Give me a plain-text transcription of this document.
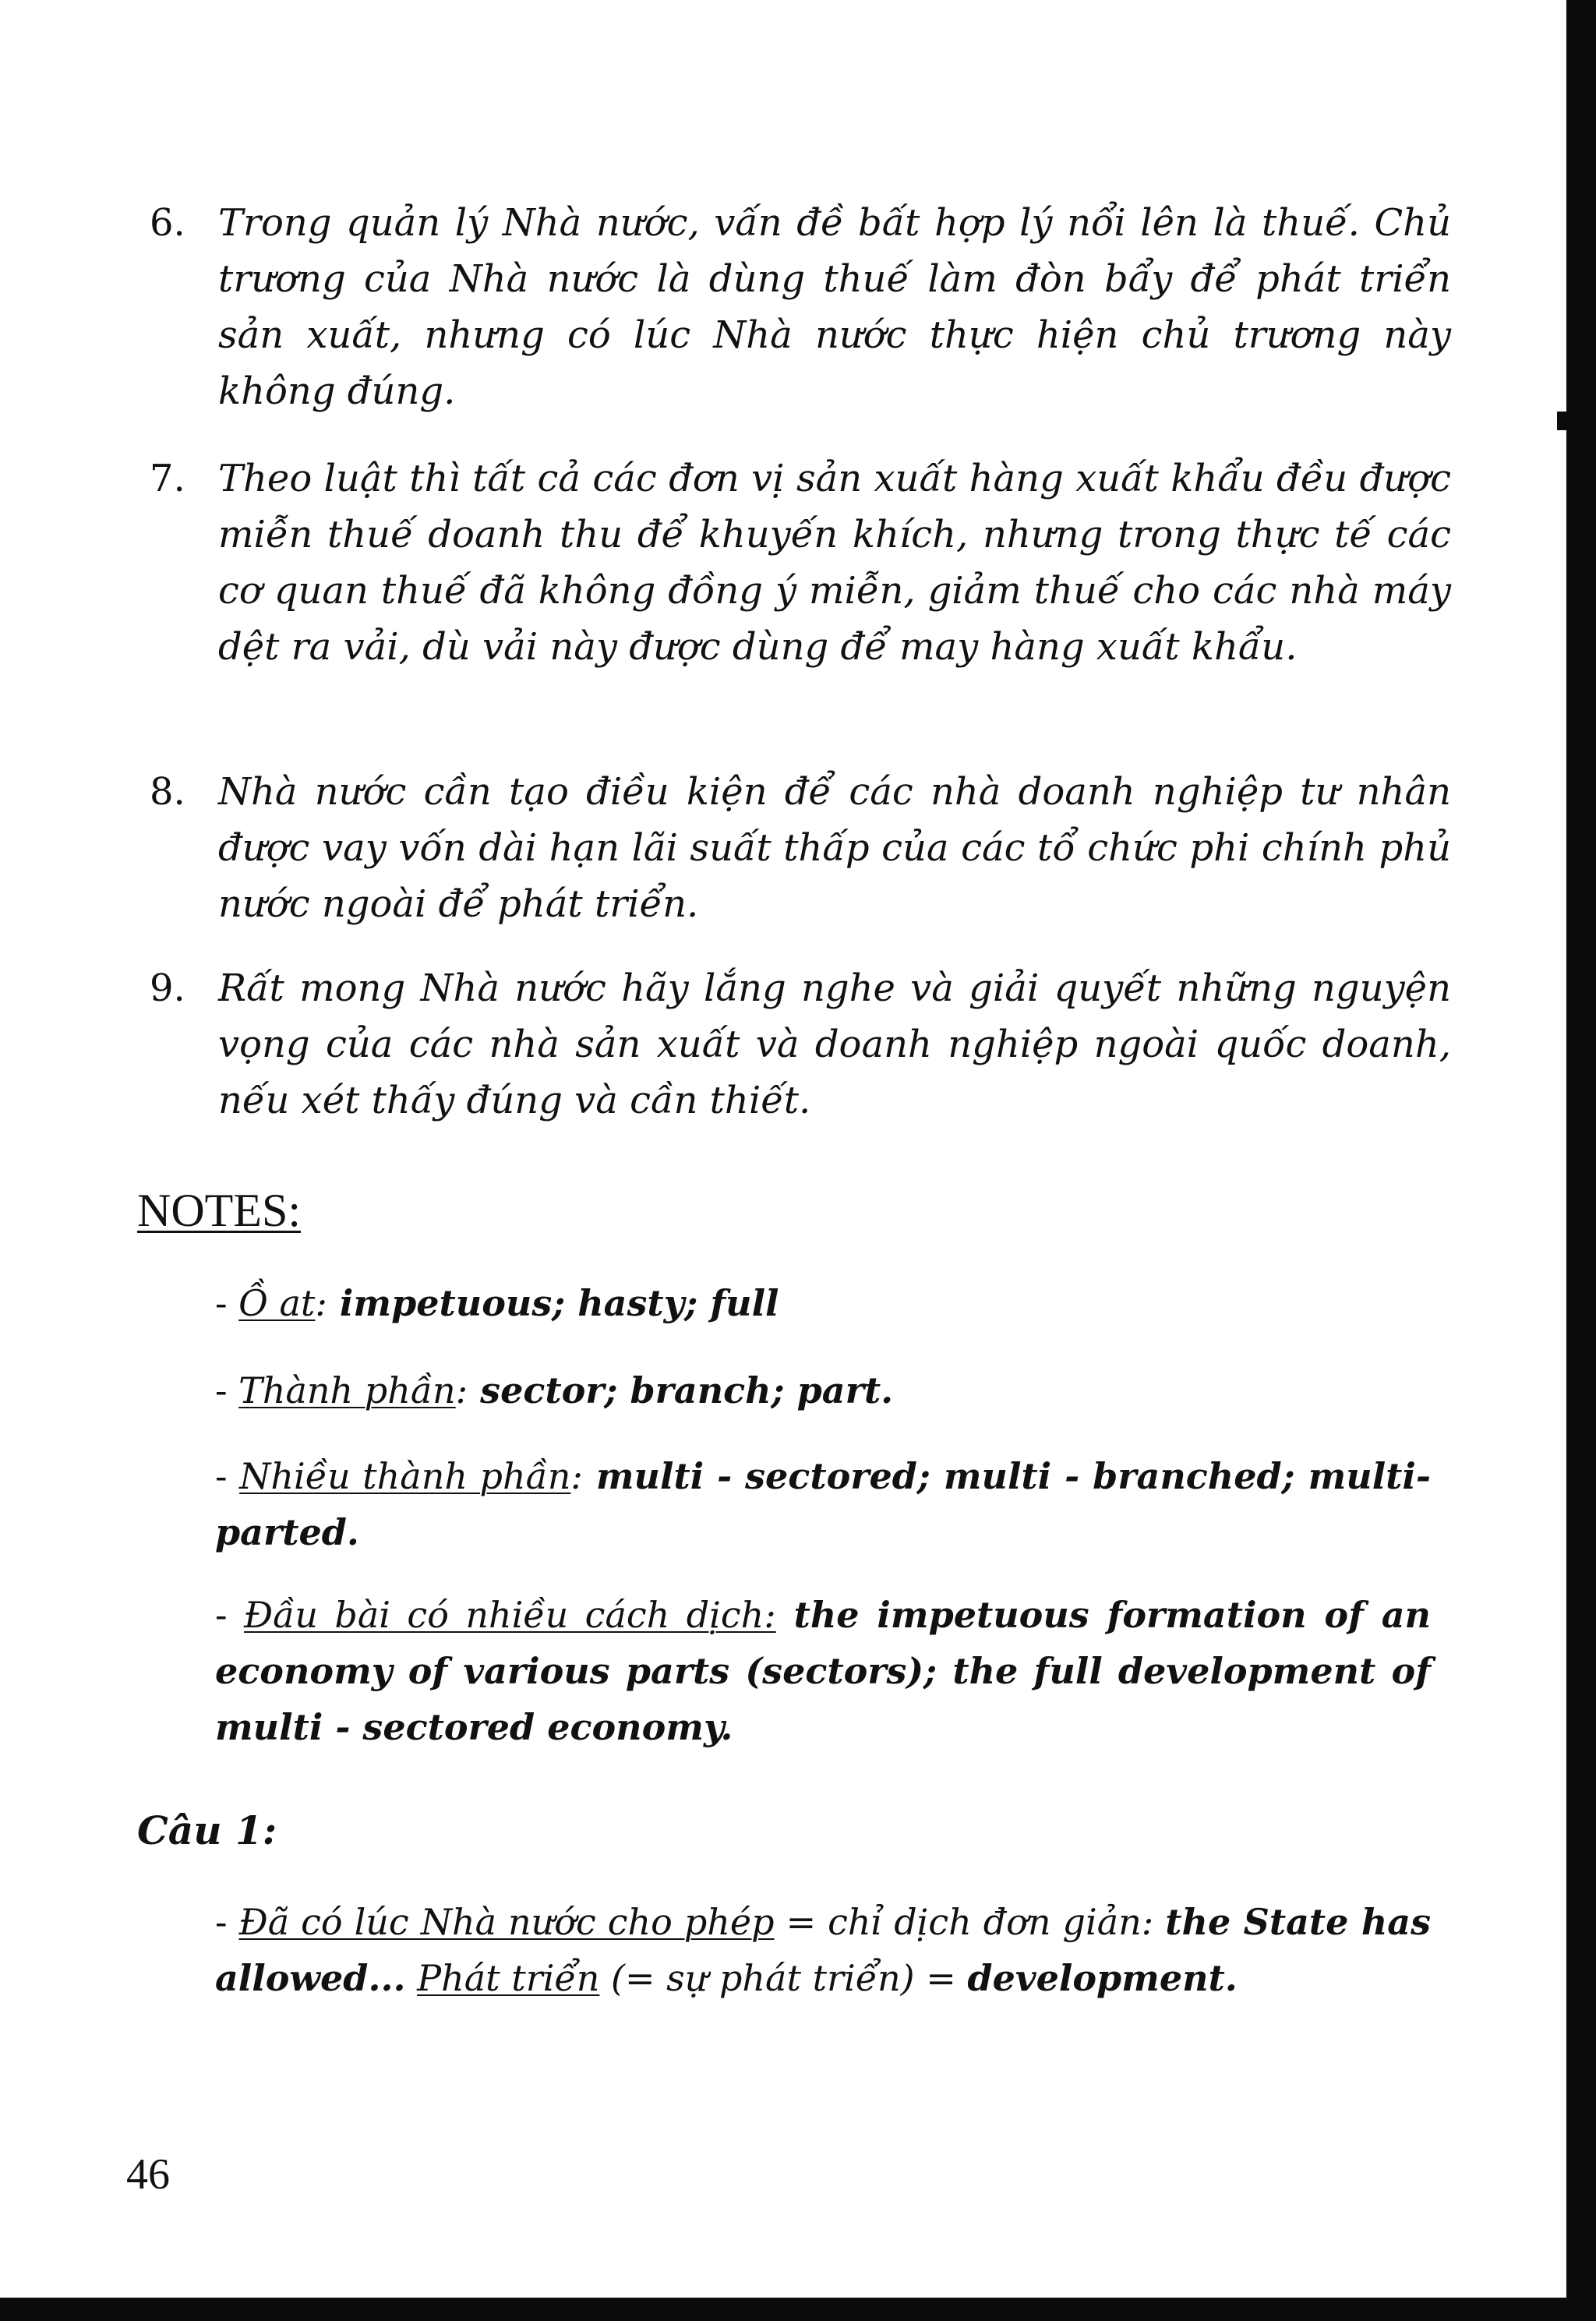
6. Trong quản lý Nhà nước, vấn đề bất hợp lý nổi lên là thuế. Chủ trương của Nhà nước là dùng thuế làm đòn bẩy để phát triển sản xuất, nhưng có lúc Nhà nước thực hiện chủ trương này không đúng.
7. Theo luật thì tất cả các đơn vị sản xuất hàng xuất khẩu đều được miễn thuế doanh thu để khuyến khích, nhưng trong thực tế các cơ quan thuế đã không đồng ý miễn, giảm thuế cho các nhà máy dệt ra vải, dù vải này được dùng để may hàng xuất khẩu.
8. Nhà nước cần tạo điều kiện để các nhà doanh nghiệp tư nhân được vay vốn dài hạn lãi suất thấp của các tổ chức phi chính phủ nước ngoài để phát triển.
9. Rất mong Nhà nước hãy lắng nghe và giải quyết những nguyện vọng của các nhà sản xuất và doanh nghiệp ngoài quốc doanh, nếu xét thấy đúng và cần thiết.
NOTES:
- Ồ at: impetuous; hasty; full
- Thành phần: sector; branch; part.
- Nhiều thành phần: multi - sectored; multi - branched; multi-parted.
- Đầu bài có nhiều cách dịch: the impetuous formation of an economy of various parts (sectors); the full development of multi - sectored economy.
Câu 1:
- Đã có lúc Nhà nước cho phép = chỉ dịch đơn giản: the State has allowed... Phát triển (= sự phát triển) = development.
46
